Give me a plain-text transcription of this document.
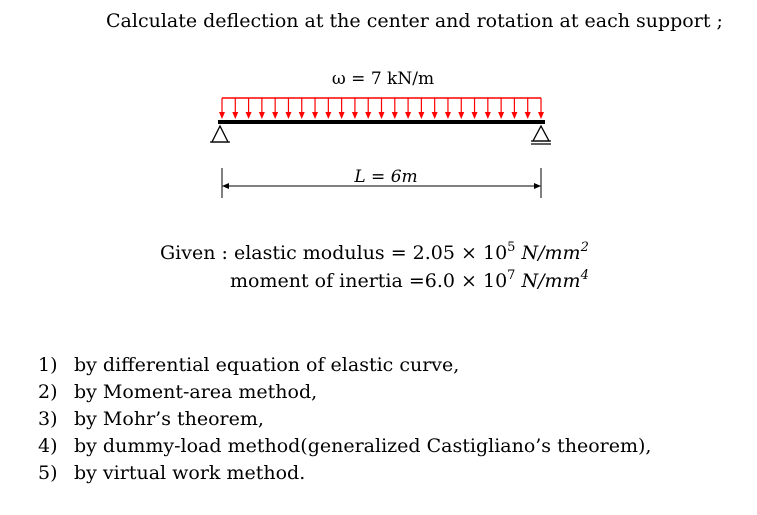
Calculate deflection at the center and rotation at each support ;
ω = 7 kN/m
L = 6m
Given : elastic modulus = $2.05 \times 10^5$ $N/mm^2$
moment of inertia $=6.0 \times 10^7$ $N/mm^4$
1) by differential equation of elastic curve,
2) by Moment-area method,
3) by Mohr’s theorem,
4) by dummy-load method(generalized Castigliano’s theorem),
5) by virtual work method.
